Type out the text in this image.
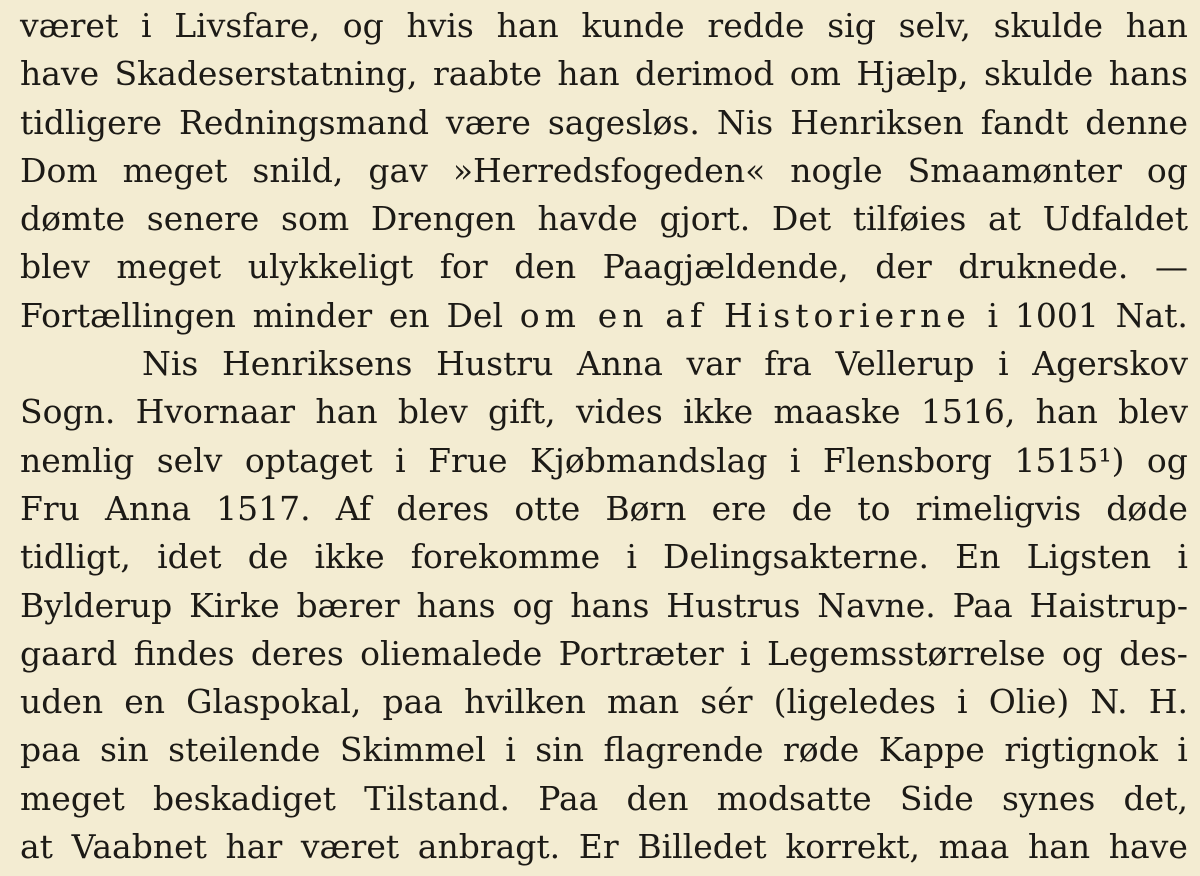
været i Livsfare, og hvis han kunde redde sig selv, skulde han
have Skadeserstatning, raabte han derimod om Hjælp, skulde hans
tidligere Redningsmand være sagesløs. Nis Henriksen fandt denne
Dom meget snild, gav »Herredsfogeden« nogle Smaamønter og
dømte senere som Drengen havde gjort. Det tilføies at Udfaldet
blev meget ulykkeligt for den Paagjældende, der druknede. —
Fortællingen minder en Del om en af Historierne i 1001 Nat.
Nis Henriksens Hustru Anna var fra Vellerup i Agerskov
Sogn. Hvornaar han blev gift, vides ikke maaske 1516, han blev
nemlig selv optaget i Frue Kjøbmandslag i Flensborg 1515¹) og
Fru Anna 1517. Af deres otte Børn ere de to rimeligvis døde
tidligt, idet de ikke forekomme i Delingsakterne. En Ligsten i
Bylderup Kirke bærer hans og hans Hustrus Navne. Paa Haistrup-
gaard findes deres oliemalede Portræter i Legemsstørrelse og des-
uden en Glaspokal, paa hvilken man sér (ligeledes i Olie) N. H.
paa sin steilende Skimmel i sin flagrende røde Kappe rigtignok i
meget beskadiget Tilstand. Paa den modsatte Side synes det,
at Vaabnet har været anbragt. Er Billedet korrekt, maa han have
